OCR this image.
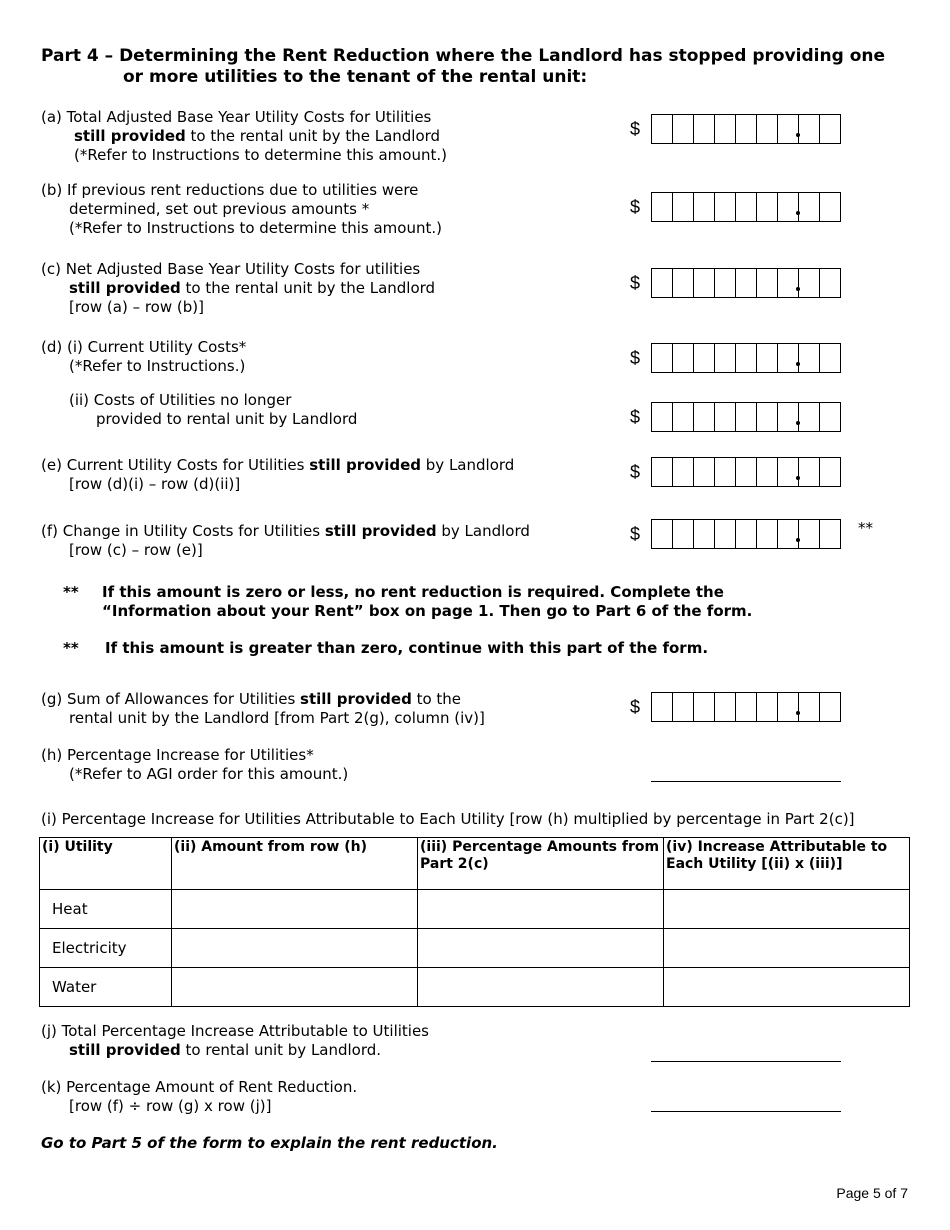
Part 4 – Determining the Rent Reduction where the Landlord has stopped providing one
or more utilities to the tenant of the rental unit:
(a) Total Adjusted Base Year Utility Costs for Utilities
still provided to the rental unit by the Landlord
(*Refer to Instructions to determine this amount.)
$
(b) If previous rent reductions due to utilities were
determined, set out previous amounts *
(*Refer to Instructions to determine this amount.)
$
(c) Net Adjusted Base Year Utility Costs for utilities
still provided to the rental unit by the Landlord
[row (a) – row (b)]
$
(d) (i) Current Utility Costs*
(*Refer to Instructions.)	$
(ii) Costs of Utilities no longer
provided to rental unit by Landlord	$
(e) Current Utility Costs for Utilities still provided by Landlord
[row (d)(i) – row (d)(ii)]
$
(f) Change in Utility Costs for Utilities still provided by Landlord
[row (c) – row (e)]
$	**
**	If this amount is zero or less, no rent reduction is required. Complete the
“Information about your Rent” box on page 1. Then go to Part 6 of the form.
**	If this amount is greater than zero, continue with this part of the form.
(g) Sum of Allowances for Utilities still provided to the
rental unit by the Landlord [from Part 2(g), column (iv)]
$
(h) Percentage Increase for Utilities*
(*Refer to AGI order for this amount.)
(i) Percentage Increase for Utilities Attributable to Each Utility [row (h) multiplied by percentage in Part 2(c)]
(i) Utility	(ii) Amount from row (h)	(iii) Percentage Amounts from Part 2(c)	(iv) Increase Attributable to Each Utility [(ii) x (iii)]
Heat			
Electricity			
Water			
(j) Total Percentage Increase Attributable to Utilities
still provided to rental unit by Landlord.
(k) Percentage Amount of Rent Reduction.
[row (f) ÷ row (g) x row (j)]
Go to Part 5 of the form to explain the rent reduction.
Page 5 of 7
